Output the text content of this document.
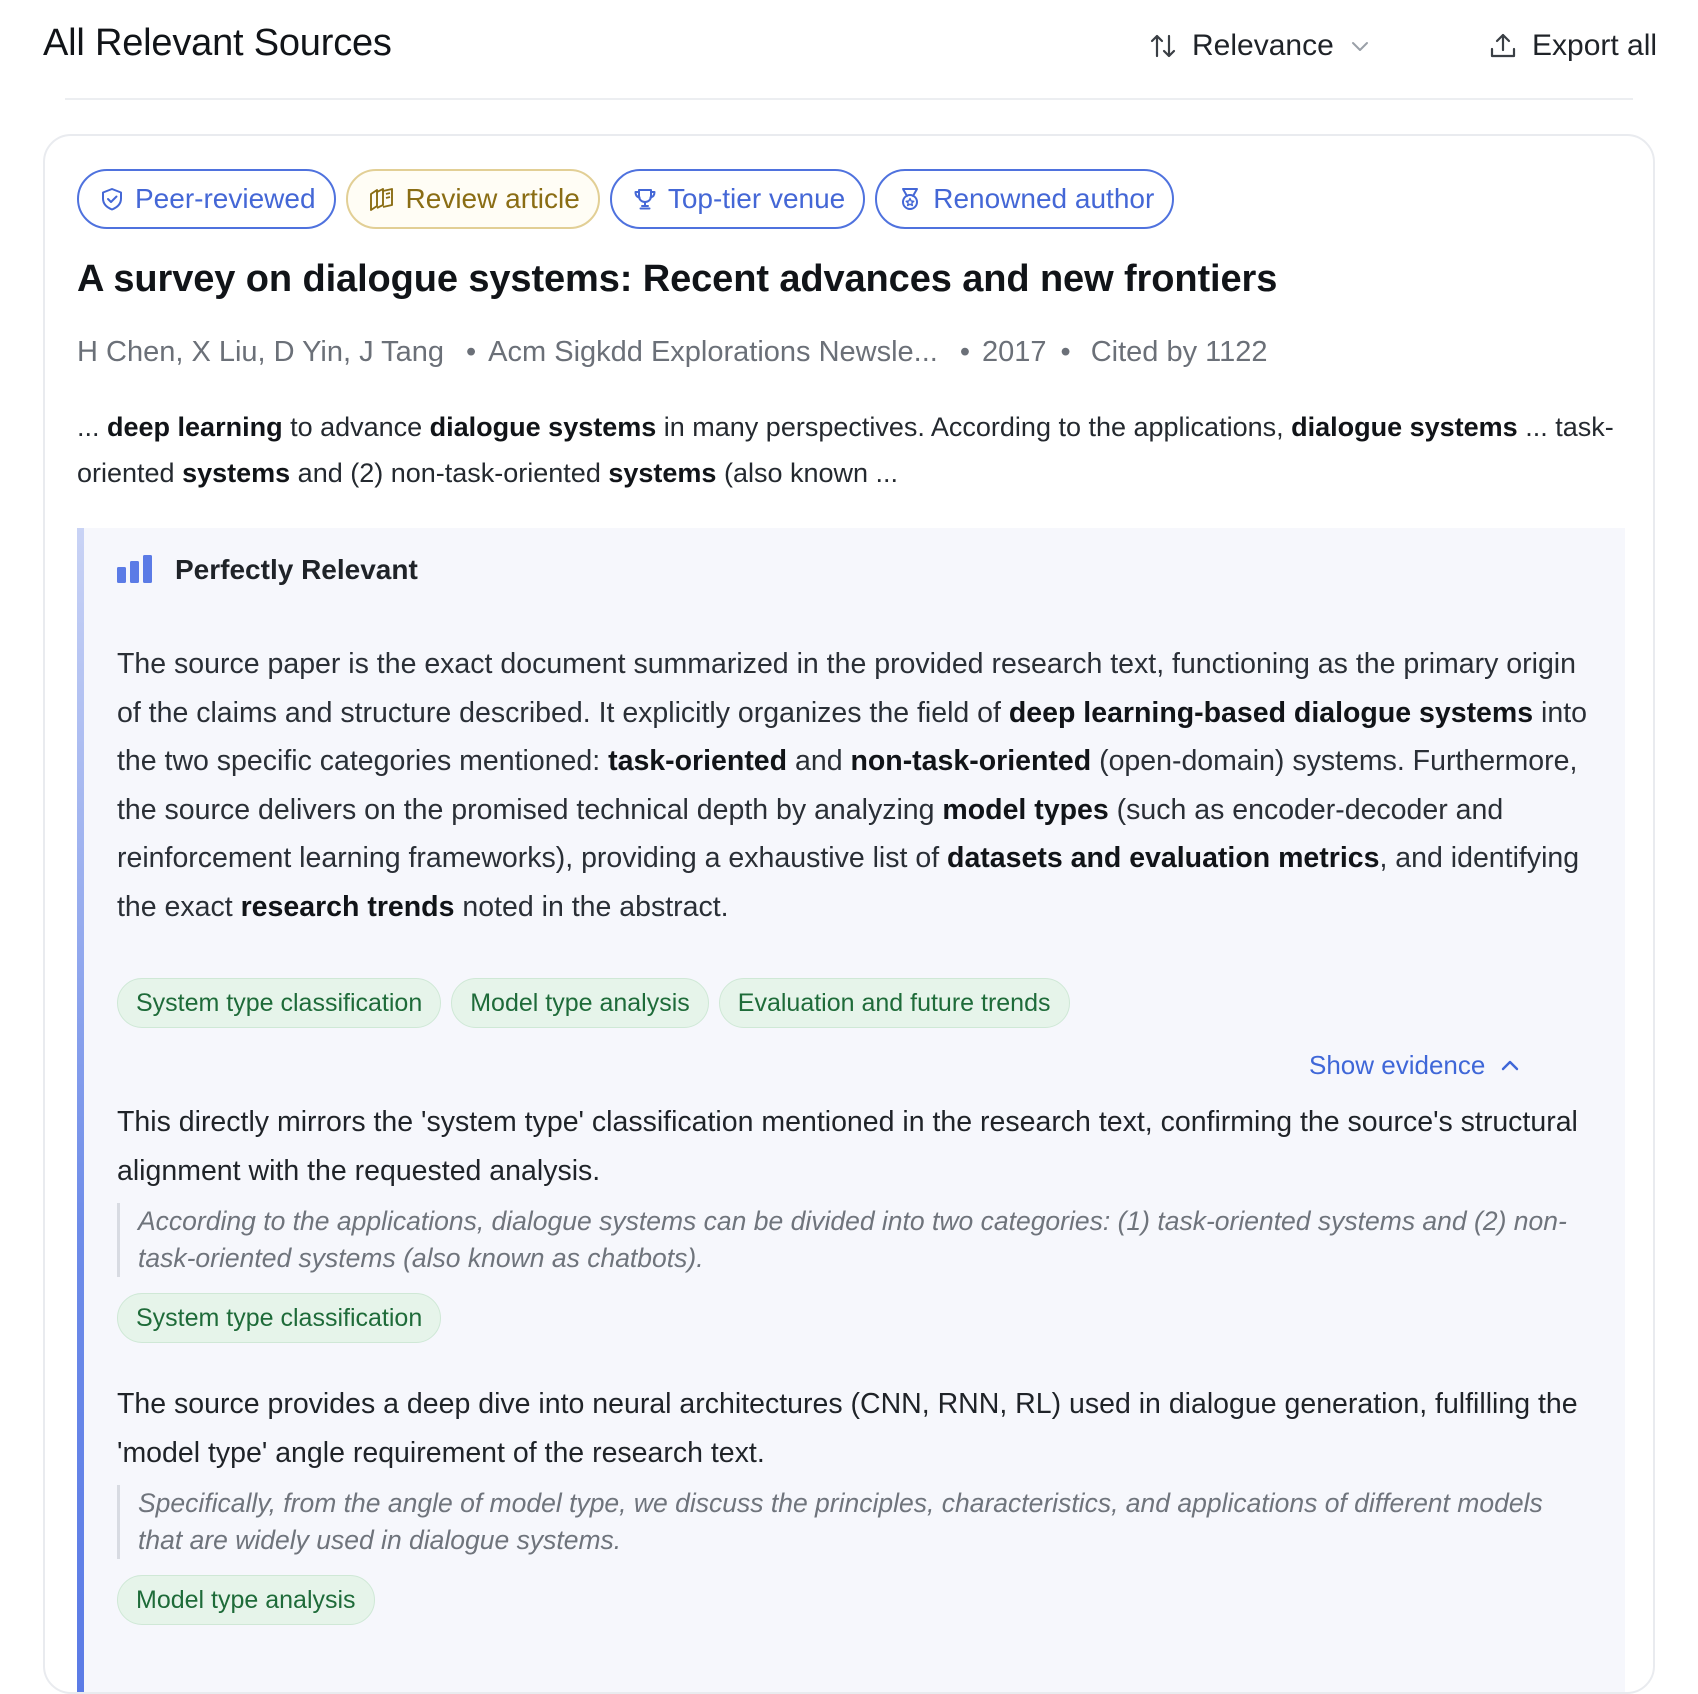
All Relevant Sources	Relevance	Export all
Peer-reviewed	Review article	Top-tier venue	Renowned author
A survey on dialogue systems: Recent advances and new frontiers
H Chen, X Liu, D Yin, J Tang • Acm Sigkdd Explorations Newsle... • 2017 • Cited by 1122
... deep learning to advance dialogue systems in many perspectives. According to the applications, dialogue systems ... task-oriented systems and (2) non-task-oriented systems (also known ...
Perfectly Relevant
The source paper is the exact document summarized in the provided research text, functioning as the primary origin of the claims and structure described. It explicitly organizes the field of deep learning-based dialogue systems into the two specific categories mentioned: task-oriented and non-task-oriented (open-domain) systems. Furthermore, the source delivers on the promised technical depth by analyzing model types (such as encoder-decoder and reinforcement learning frameworks), providing a exhaustive list of datasets and evaluation metrics, and identifying the exact research trends noted in the abstract.
System type classification	Model type analysis	Evaluation and future trends
Show evidence
This directly mirrors the 'system type' classification mentioned in the research text, confirming the source's structural alignment with the requested analysis.
According to the applications, dialogue systems can be divided into two categories: (1) task-oriented systems and (2) non-task-oriented systems (also known as chatbots).
System type classification
The source provides a deep dive into neural architectures (CNN, RNN, RL) used in dialogue generation, fulfilling the 'model type' angle requirement of the research text.
Specifically, from the angle of model type, we discuss the principles, characteristics, and applications of different models that are widely used in dialogue systems.
Model type analysis
